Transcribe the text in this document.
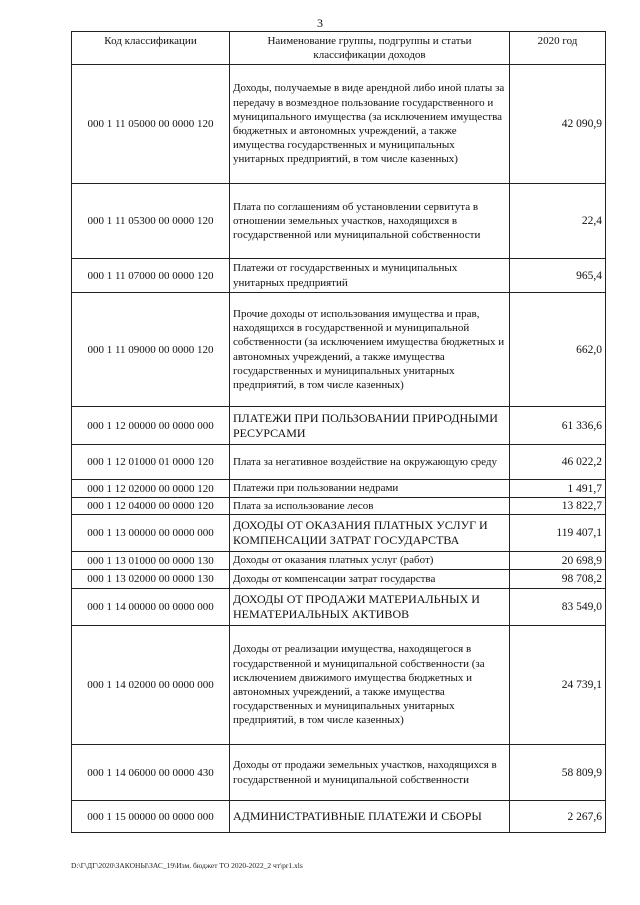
3
Код классификации	Наименование группы, подгруппы и статьи классификации доходов	2020 год
000 1 11 05000 00 0000 120	Доходы, получаемые в виде арендной либо иной платы за передачу в возмездное пользование государственного и муниципального имущества (за исключением имущества бюджетных и автономных учреждений, а также имущества государственных и муниципальных унитарных предприятий, в том числе казенных)	42 090,9
000 1 11 05300 00 0000 120	Плата по соглашениям об установлении сервитута в отношении земельных участков, находящихся в государственной или муниципальной собственности	22,4
000 1 11 07000 00 0000 120	Платежи от государственных и муниципальных унитарных предприятий	965,4
000 1 11 09000 00 0000 120	Прочие доходы от использования имущества и прав, находящихся в государственной и муниципальной собственности (за исключением имущества бюджетных и автономных учреждений, а также имущества государственных и муниципальных унитарных предприятий, в том числе казенных)	662,0
000 1 12 00000 00 0000 000	ПЛАТЕЖИ ПРИ ПОЛЬЗОВАНИИ ПРИРОДНЫМИ РЕСУРСАМИ	61 336,6
000 1 12 01000 01 0000 120	Плата за негативное воздействие на окружающую среду	46 022,2
000 1 12 02000 00 0000 120	Платежи при пользовании недрами	1 491,7
000 1 12 04000 00 0000 120	Плата за использование лесов	13 822,7
000 1 13 00000 00 0000 000	ДОХОДЫ ОТ ОКАЗАНИЯ ПЛАТНЫХ УСЛУГ И КОМПЕНСАЦИИ ЗАТРАТ ГОСУДАРСТВА	119 407,1
000 1 13 01000 00 0000 130	Доходы от оказания платных услуг (работ)	20 698,9
000 1 13 02000 00 0000 130	Доходы от компенсации затрат государства	98 708,2
000 1 14 00000 00 0000 000	ДОХОДЫ ОТ ПРОДАЖИ МАТЕРИАЛЬНЫХ И НЕМАТЕРИАЛЬНЫХ АКТИВОВ	83 549,0
000 1 14 02000 00 0000 000	Доходы от реализации имущества, находящегося в государственной и муниципальной собственности (за исключением движимого имущества бюджетных и автономных учреждений, а также имущества государственных и муниципальных унитарных предприятий, в том числе казенных)	24 739,1
000 1 14 06000 00 0000 430	Доходы от продажи земельных участков, находящихся в государственной и муниципальной собственности	58 809,9
000 1 15 00000 00 0000 000	АДМИНИСТРАТИВНЫЕ ПЛАТЕЖИ И СБОРЫ	2 267,6
D:\Г\ДГ\2020\ЗАКОНЫ\ЗАС_19\Изм. бюджет ТО 2020-2022_2 чт\pr1.xls
